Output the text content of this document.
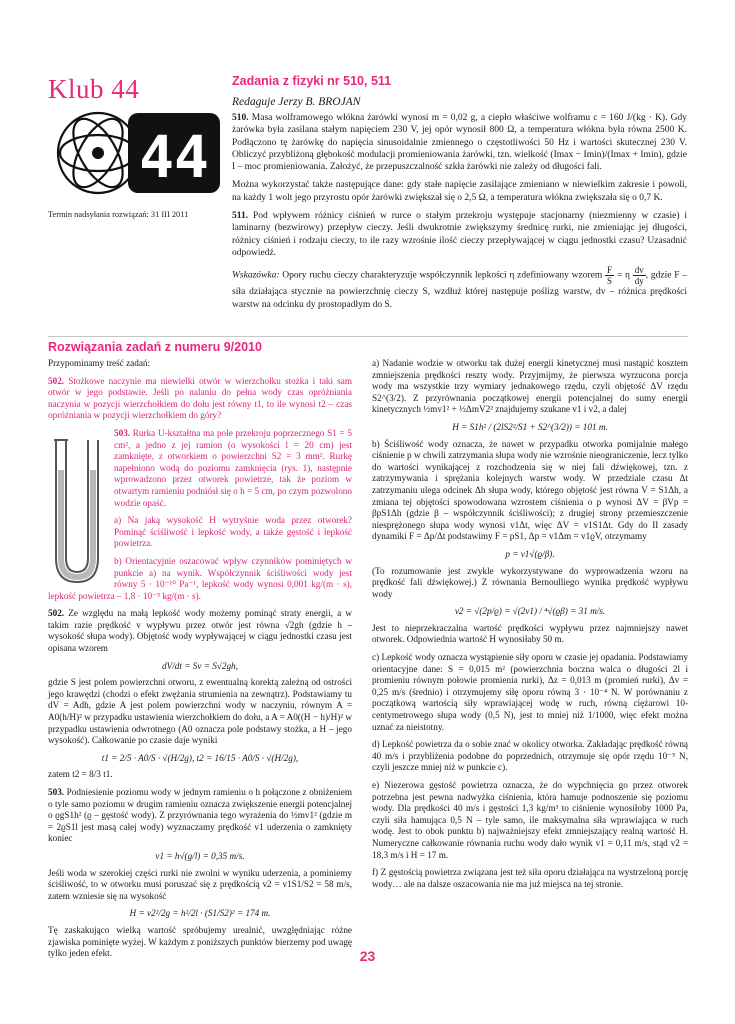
Klub 44
44
Termin nadsyłania rozwiązań: 31 III 2011
Zadania z fizyki nr 510, 511
Redaguje Jerzy B. BROJAN

510. Masa wolframowego włókna żarówki wynosi m = 0,02 g, a ciepło właściwe wolframu c = 160 J/(kg · K). Gdy żarówka była zasilana stałym napięciem 230 V, jej opór wynosił 800 Ω, a temperatura włókna była równa 2500 K. Podłączono tę żarówkę do napięcia sinusoidalnie zmiennego o częstotliwości 50 Hz i wartości skutecznej 230 V. Obliczyć przybliżoną głębokość modulacji promieniowania żarówki, tzn. wielkość (Imax − Imin)/(Imax + Imin), gdzie I – moc promieniowania. Założyć, że przepuszczalność szkła żarówki nie zależy od długości fali.

Można wykorzystać także następujące dane: gdy stałe napięcie zasilające zmieniano w niewielkim zakresie i powoli, na każdy 1 wolt jego przyrostu opór żarówki zwiększał się o 2,5 Ω, a temperatura włókna zwiększała się o 0,7 K.

511. Pod wpływem różnicy ciśnień w rurce o stałym przekroju występuje stacjonarny (niezmienny w czasie) i laminarny (bezwirowy) przepływ cieczy. Jeśli dwukrotnie zwiększymy średnicę rurki, nie zmieniając jej długości, różnicy ciśnień i rodzaju cieczy, to ile razy wzrośnie ilość cieczy przepływającej w ciągu jednostki czasu? Uzasadnić odpowiedź.

Wskazówka: Opory ruchu cieczy charakteryzuje współczynnik lepkości η zdefiniowany wzorem $\frac{F}{S} = \eta \frac{dv}{dy}$ , gdzie F – siła działająca stycznie na powierzchnię cieczy S, wzdłuż której następuje poślizg warstw, dv – różnica prędkości warstw na odcinku dy prostopadłym do S.

Rozwiązania zadań z numeru 9/2010

Przypominamy treść zadań:

502. Stożkowe naczynie ma niewielki otwór w wierzchołku stożka i taki sam otwór w jego podstawie. Jeśli po nalaniu do pełna wody czas opróżniania naczynia w pozycji wierzchołkiem do dołu jest równy t1, to ile wynosi t2 – czas opróżniania w pozycji wierzchołkiem do góry?

503. Rurka U-kształtna ma pole przekroju poprzecznego S1 = 5 cm², a jedno z jej ramion (o wysokości l = 20 cm) jest zamknięte, z otworkiem o powierzchni S2 = 3 mm². Rurkę napełniono wodą do poziomu zamknięcia (rys. 1), następnie wprowadzono przez otworek powietrze, tak że poziom w otwartym ramieniu podniósł się o h = 5 cm, po czym pozwolono wodzie opaść.

a) Na jaką wysokość H wytryśnie woda przez otworek? Pominąć ściśliwość i lepkość wody, a także gęstość i lepkość powietrza.

b) Orientacyjnie oszacować wpływ czynników pominiętych w punkcie a) na wynik. Współczynnik ściśliwości wody jest równy 5 · 10⁻¹⁰ Pa⁻¹, lepkość wody wynosi 0,001 kg/(m · s), lepkość powietrza – 1,8 · 10⁻⁵ kg/(m · s).

502. Ze względu na małą lepkość wody możemy pominąć straty energii, a w takim razie prędkość v wypływu przez otwór jest równa √2gh (gdzie h – wysokość słupa wody). Objętość wody wypływającej w ciągu jednostki czasu jest opisana wzorem

dV/dt = Sv = S√2gh,

gdzie S jest polem powierzchni otworu, z ewentualną korektą zależną od ostrości jego krawędzi (chodzi o efekt zwężania strumienia na zewnątrz). Podstawiamy tu dV = Adh, gdzie A jest polem powierzchni wody w naczyniu, równym A = A0(h/H)² w przypadku ustawienia wierzchołkiem do dołu, a A = A0((H − h)/H)² w przypadku ustawienia odwrotnego (A0 oznacza pole podstawy stożka, a H – jego wysokość). Całkowanie po czasie daje wyniki

t1 = 2/5 · A0/S · √(H/2g), t2 = 16/15 · A0/S · √(H/2g),

zatem t2 = 8/3 t1.

503. Podniesienie poziomu wody w jednym ramieniu o h połączone z obniżeniem o tyle samo poziomu w drugim ramieniu oznacza zwiększenie energii potencjalnej o ϱgS1h² (ϱ – gęstość wody). Z przyrównania tego wyrażenia do ½mv1² (gdzie m = 2ϱS1l jest masą całej wody) wyznaczamy prędkość v1 uderzenia o zamknięty koniec

v1 = h√(g/l) = 0,35 m/s.

Jeśli woda w szerokiej części rurki nie zwolni w wyniku uderzenia, a pominiemy ściśliwość, to w otworku musi poruszać się z prędkością v2 = v1S1/S2 = 58 m/s, zatem wzniesie się na wysokość

H = v2²/2g = h²/2l · (S1/S2)² = 174 m.

Tę zaskakująco wielką wartość spróbujemy urealnić, uwzględniając różne zjawiska pominięte wyżej. W każdym z poniższych punktów bierzemy pod uwagę tylko jeden efekt.

a) Nadanie wodzie w otworku tak dużej energii kinetycznej musi nastąpić kosztem zmniejszenia prędkości reszty wody. Przyjmijmy, że pierwsza wyrzucona porcja wody ma wszystkie trzy wymiary jednakowego rzędu, czyli objętość ΔV rzędu S2^(3/2). Z przyrównania początkowej energii potencjalnej do sumy energii kinetycznych ½mv1² + ½ΔmV2² znajdujemy szukane v1 i v2, a dalej

H = S1h² / (2lS2²/S1 + S2^(3/2)) = 101 m.

b) Ściśliwość wody oznacza, że nawet w przypadku otworka pomijalnie małego ciśnienie p w chwili zatrzymania słupa wody nie wzrośnie nieograniczenie, lecz tylko do wartości wynikającej z rozchodzenia się w niej fali dźwiękowej, tzn. z zatrzymywania i sprężania kolejnych warstw wody. W przedziale czasu Δt zatrzymaniu ulega odcinek Δh słupa wody, którego objętość jest równa V = S1Δh, a zmiana tej objętości spowodowana wzrostem ciśnienia o p wynosi ΔV = βVp = βpS1Δh (gdzie β – współczynnik ściśliwości); z drugiej strony przemieszczenie niesprężonego słupa wody wynosi v1Δt, więc ΔV = v1S1Δt. Gdy do II zasady dynamiki F = Δp/Δt podstawimy F = pS1, Δp = v1Δm = v1ϱV, otrzymamy

p = v1√(ϱ/β).

(To rozumowanie jest zwykle wykorzystywane do wyprowadzenia wzoru na prędkość fali dźwiękowej.) Z równania Bernoulliego wynika prędkość wypływu wody

v2 = √(2p/ϱ) = √(2v1) / ⁴√(ϱβ) = 31 m/s.

Jest to nieprzekraczalna wartość prędkości wypływu przez najmniejszy nawet otworek. Odpowiednia wartość H wynosiłaby 50 m.

c) Lepkość wody oznacza wystąpienie siły oporu w czasie jej opadania. Podstawiamy orientacyjne dane: S = 0,015 m² (powierzchnia boczna walca o długości 2l i promieniu równym połowie promienia rurki), Δz = 0,013 m (promień rurki), Δv = 0,25 m/s (średnio) i otrzymujemy siłę oporu równą 3 · 10⁻⁴ N. W porównaniu z początkową wartością siły wprawiającej wodę w ruch, równą ciężarowi 10-centymetrowego słupa wody (0,5 N), jest to mniej niż 1/1000, więc efekt można uznać za nieistotny.

d) Lepkość powietrza da o sobie znać w okolicy otworka. Zakładając prędkość równą 40 m/s i przybliżenia podobne do poprzednich, otrzymuje się opór rzędu 10⁻⁵ N, czyli jeszcze mniej niż w punkcie c).

e) Niezerowa gęstość powietrza oznacza, że do wypchnięcia go przez otworek potrzebna jest pewna nadwyżka ciśnienia, która hamuje podnoszenie się poziomu wody. Dla prędkości 40 m/s i gęstości 1,3 kg/m³ to ciśnienie wynosiłoby 1000 Pa, czyli siła hamująca 0,5 N – tyle samo, ile maksymalna siła wprawiająca w ruch wodę. Jest to obok punktu b) najważniejszy efekt zmniejszający realną wartość H. Numeryczne całkowanie równania ruchu wody dało wynik v1 = 0,11 m/s, stąd v2 = 18,3 m/s i H = 17 m.

f) Z gęstością powietrza związana jest też siła oporu działająca na wystrzeloną porcję wody… ale na dalsze oszacowania nie ma już miejsca na tej stronie.

23
